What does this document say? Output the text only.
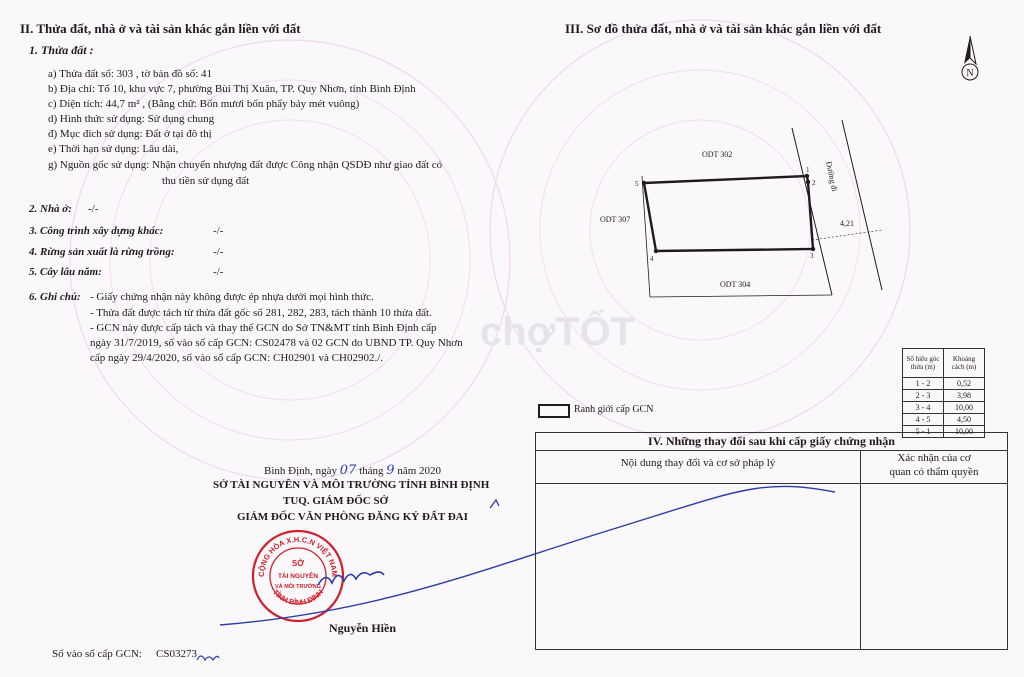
chợTỐT
II. Thửa đất, nhà ở và tài sản khác gắn liền với đất
1. Thửa đất :
a) Thửa đất số: 303 , tờ bản đồ số: 41
b) Địa chỉ: Tổ 10, khu vực 7, phường Bùi Thị Xuân, TP. Quy Nhơn, tỉnh Bình Định
c) Diện tích: 44,7 m² , (Bằng chữ: Bốn mươi bốn phẩy bảy mét vuông)
d) Hình thức sử dụng: Sử dụng chung
đ) Mục đích sử dụng: Đất ở tại đô thị
e) Thời hạn sử dụng: Lâu dài,
g) Nguồn gốc sử dụng: Nhận chuyển nhượng đất được Công nhận QSDĐ như giao đất có
thu tiền sử dụng đất
2. Nhà ở: -/-
3. Công trình xây dựng khác:	-/-
4. Rừng sản xuất là rừng trồng:	-/-
5. Cây lâu năm:	-/-
6. Ghi chú: - Giấy chứng nhận này không được ép nhựa dưới mọi hình thức.
- Thửa đất được tách từ thửa đất gốc số 281, 282, 283, tách thành 10 thửa đất.
- GCN này được cấp tách và thay thế GCN do Sở TN&MT tỉnh Bình Định cấp
ngày 31/7/2019, số vào sổ cấp GCN: CS02478 và 02 GCN do UBND TP. Quy Nhơn
cấp ngày 29/4/2020, số vào sổ cấp GCN: CH02901 và CH02902./.
Bình Định, ngày 07 tháng 9 năm 2020
SỞ TÀI NGUYÊN VÀ MÔI TRƯỜNG TỈNH BÌNH ĐỊNH
TUQ. GIÁM ĐỐC SỞ
GIÁM ĐỐC VĂN PHÒNG ĐĂNG KÝ ĐẤT ĐAI
CỘNG HÒA X.H.C.N VIỆT NAM
TỈNH BÌNH ĐỊNH
SỞ
TÀI NGUYÊN
VÀ MÔI TRƯỜNG
Nguyễn Hiền
Số vào sổ cấp GCN: CS03273
III. Sơ đồ thửa đất, nhà ở và tài sản khác gắn liền với đất
N
ODT 302
ODT 307
ODT 304
Đường đi
4,21
1
2
3
4
5
Số hiệu góc thửa (m)	Khoảng cách (m)
1 - 2	0,52
2 - 3	3,98
3 - 4	10,00
4 - 5	4,50
5 - 1	10,00
Ranh giới cấp GCN
IV. Những thay đổi sau khi cấp giấy chứng nhận
Nội dung thay đổi và cơ sở pháp lý	Xác nhận của cơ
quan có thẩm quyền
